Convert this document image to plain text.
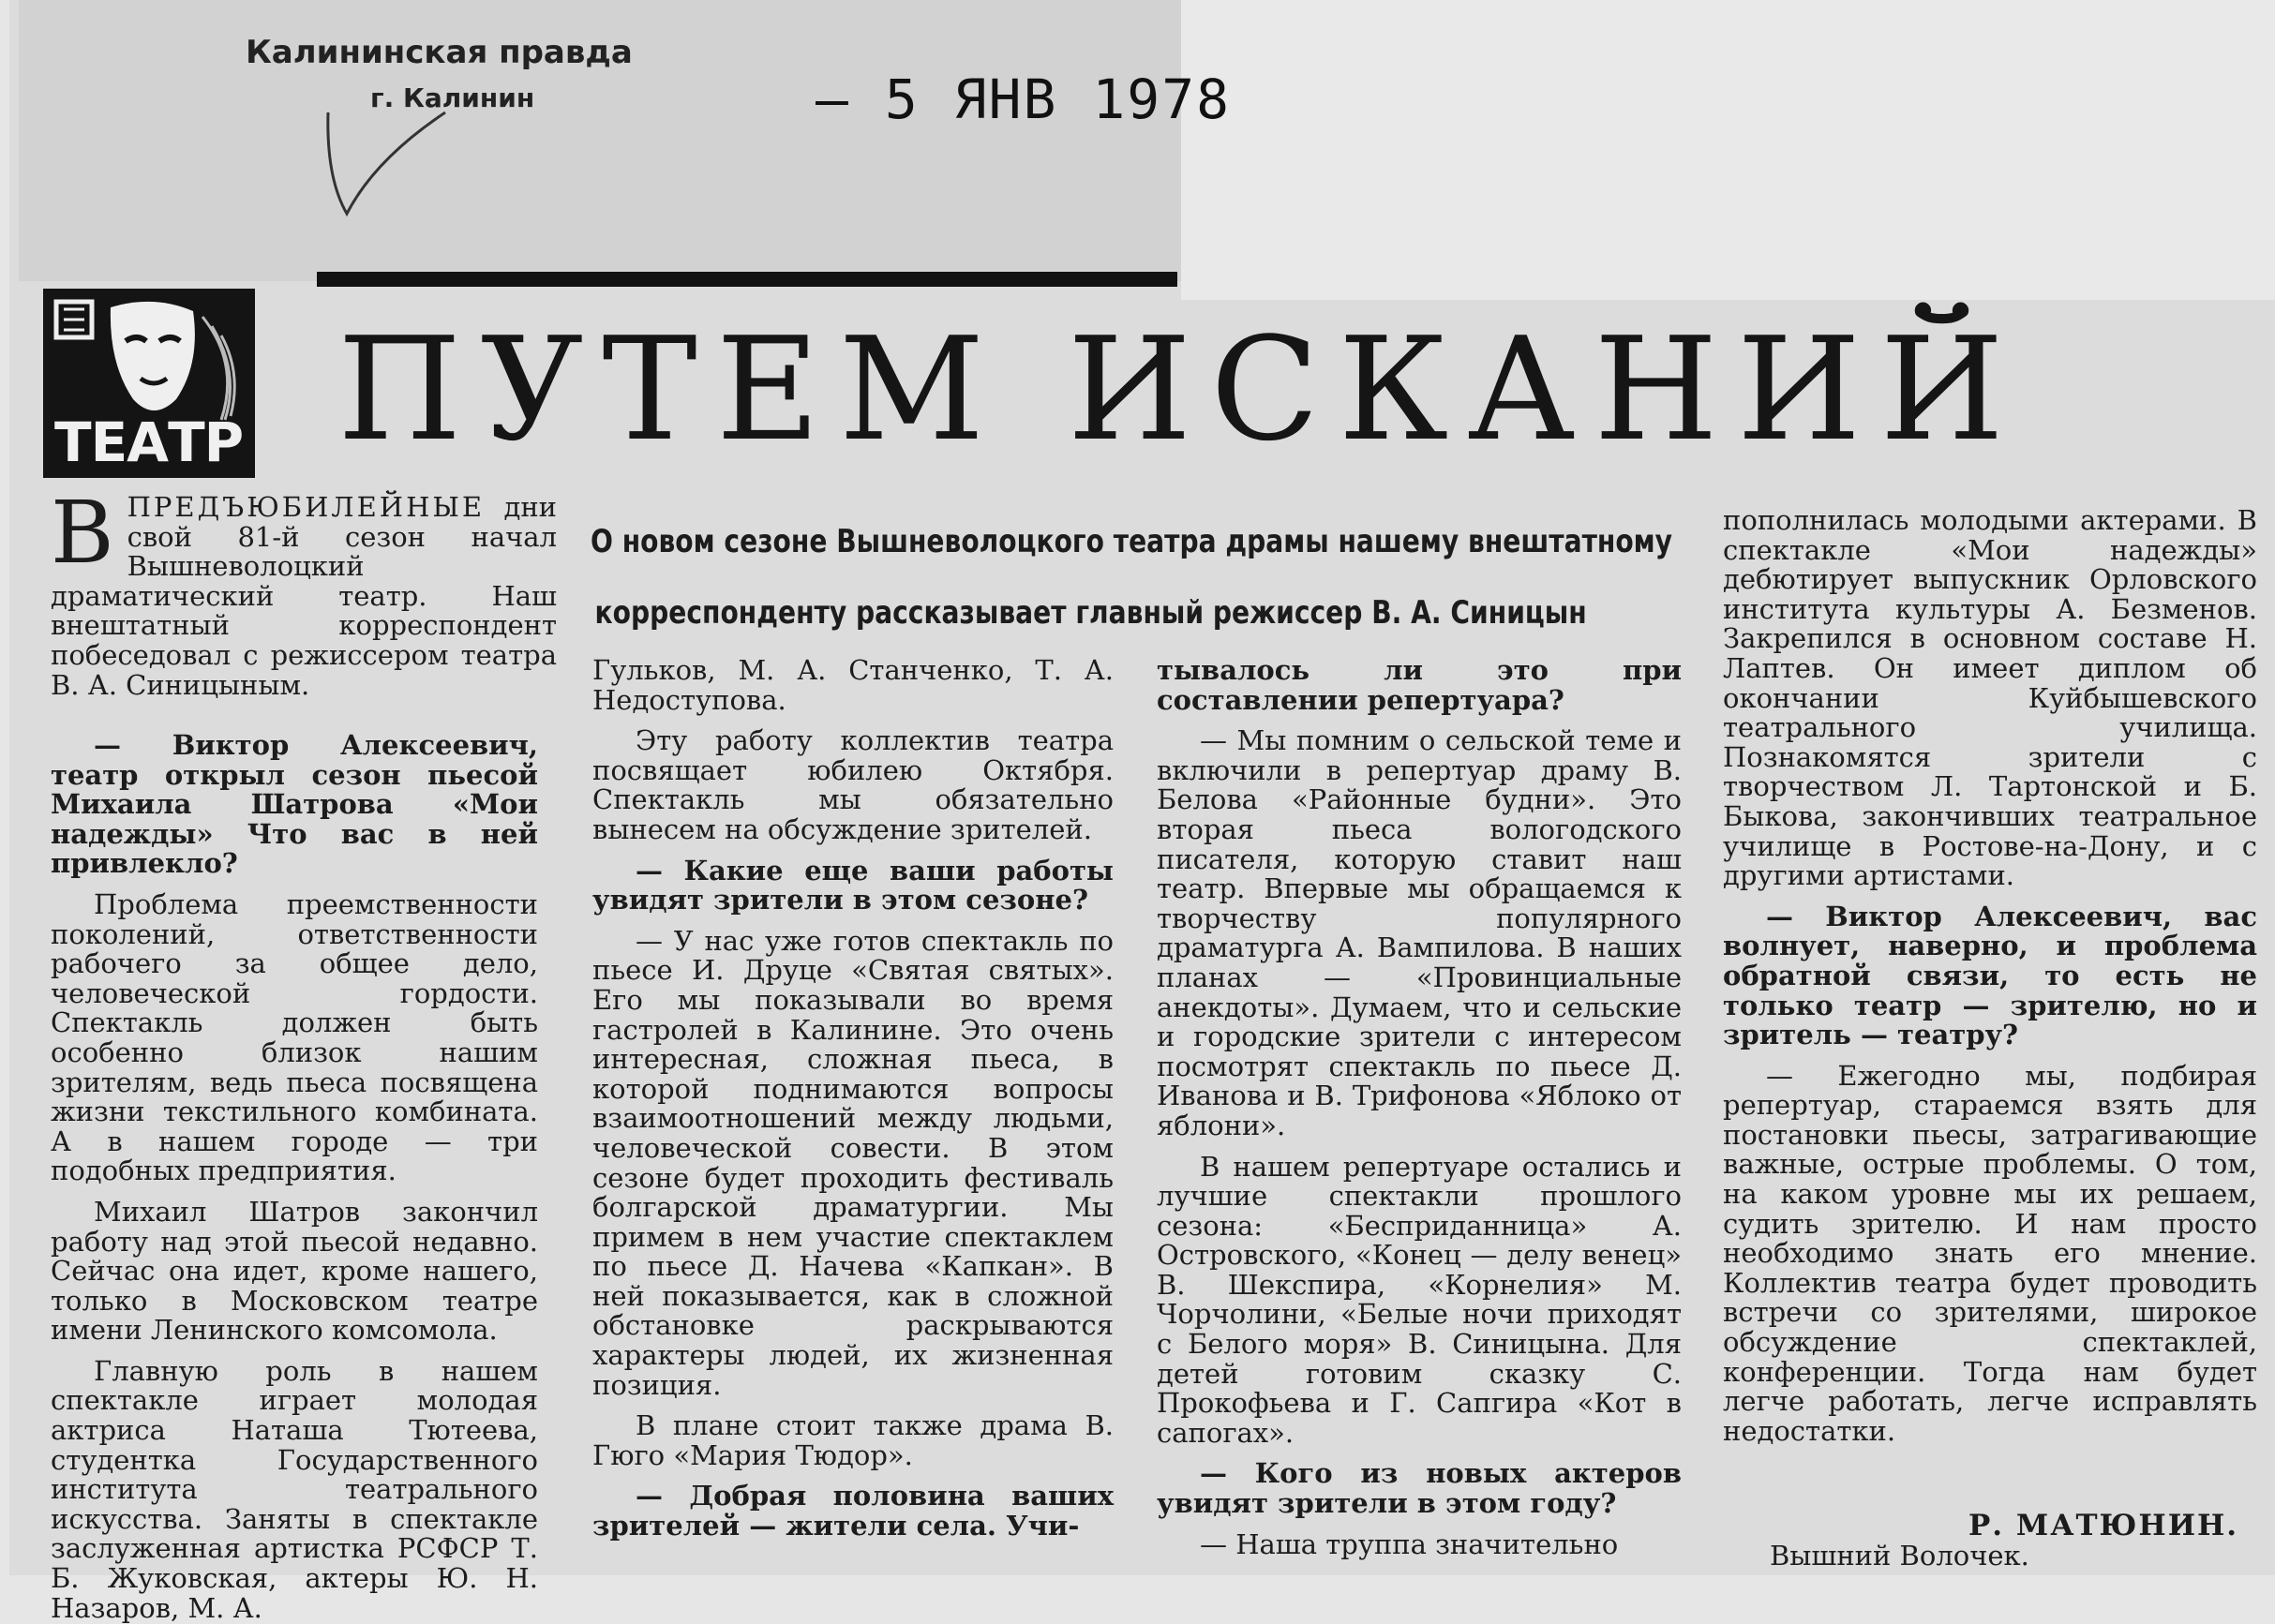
Калининская правда
г. Калинин	– 5 ЯНВ 1978
ТЕАТР ПУТЕМ ИСКАНИЙ
В ПРЕДЪЮБИЛЕЙНЫЕ дни свой 81-й сезон начал Вышневолоцкий драматический театр. Наш внештатный корреспондент побеседовал с режиссером театра В. А. Синицыным.

О новом сезоне Вышневолоцкого театра драмы нашему внештатному
корреспонденту рассказывает главный режиссер В. А. Синицын

— Виктор Алексеевич, театр открыл сезон пьесой Михаила Шатрова «Мои надежды» Что вас в ней привлекло?

Проблема преемственности поколений, ответственности рабочего за общее дело, человеческой гордости. Спектакль должен быть особенно близок нашим зрителям, ведь пьеса посвящена жизни текстильного комбината. А в нашем городе — три подобных предприятия.

Михаил Шатров закончил работу над этой пьесой недавно. Сейчас она идет, кроме нашего, только в Московском театре имени Ленинского комсомола.

Главную роль в нашем спектакле играет молодая актриса Наташа Тютеева, студентка Государственного института театрального искусства. Заняты в спектакле заслуженная артистка РСФСР Т. Б. Жуковская, актеры Ю. Н. Назаров, М. А.

Гульков, М. А. Станченко, Т. А. Недоступова.

Эту работу коллектив театра посвящает юбилею Октября. Спектакль мы обязательно вынесем на обсуждение зрителей.

— Какие еще ваши работы увидят зрители в этом сезоне?

— У нас уже готов спектакль по пьесе И. Друце «Святая святых». Его мы показывали во время гастролей в Калинине. Это очень интересная, сложная пьеса, в которой поднимаются вопросы взаимоотношений между людьми, человеческой совести. В этом сезоне будет проходить фестиваль болгарской драматургии. Мы примем в нем участие спектаклем по пьесе Д. Начева «Капкан». В ней показывается, как в сложной обстановке раскрываются характеры людей, их жизненная позиция.

В плане стоит также драма В. Гюго «Мария Тюдор».

— Добрая половина ваших зрителей — жители села. Учи-

тывалось ли это при составлении репертуара?

— Мы помним о сельской теме и включили в репертуар драму В. Белова «Районные будни». Это вторая пьеса вологодского писателя, которую ставит наш театр. Впервые мы обращаемся к творчеству популярного драматурга А. Вампилова. В наших планах — «Провинциальные анекдоты». Думаем, что и сельские и городские зрители с интересом посмотрят спектакль по пьесе Д. Иванова и В. Трифонова «Яблоко от яблони».

В нашем репертуаре остались и лучшие спектакли прошлого сезона: «Бесприданница» А. Островского, «Конец — делу венец» В. Шекспира, «Корнелия» М. Чорчолини, «Белые ночи приходят с Белого моря» В. Синицына. Для детей готовим сказку С. Прокофьева и Г. Сапгира «Кот в сапогах».

— Кого из новых актеров увидят зрители в этом году?

— Наша труппа значительно

пополнилась молодыми актерами. В спектакле «Мои надежды» дебютирует выпускник Орловского института культуры А. Безменов. Закрепился в основном составе Н. Лаптев. Он имеет диплом об окончании Куйбышевского театрального училища. Познакомятся зрители с творчеством Л. Тартонской и Б. Быкова, закончивших театральное училище в Ростове-на-Дону, и с другими артистами.

— Виктор Алексеевич, вас волнует, наверно, и проблема обратной связи, то есть не только театр — зрителю, но и зритель — театру?

— Ежегодно мы, подбирая репертуар, стараемся взять для постановки пьесы, затрагивающие важные, острые проблемы. О том, на каком уровне мы их решаем, судить зрителю. И нам просто необходимо знать его мнение. Коллектив театра будет проводить встречи со зрителями, широкое обсуждение спектаклей, конференции. Тогда нам будет легче работать, легче исправлять недостатки.

Р. МАТЮНИН.
Вышний Волочек.
